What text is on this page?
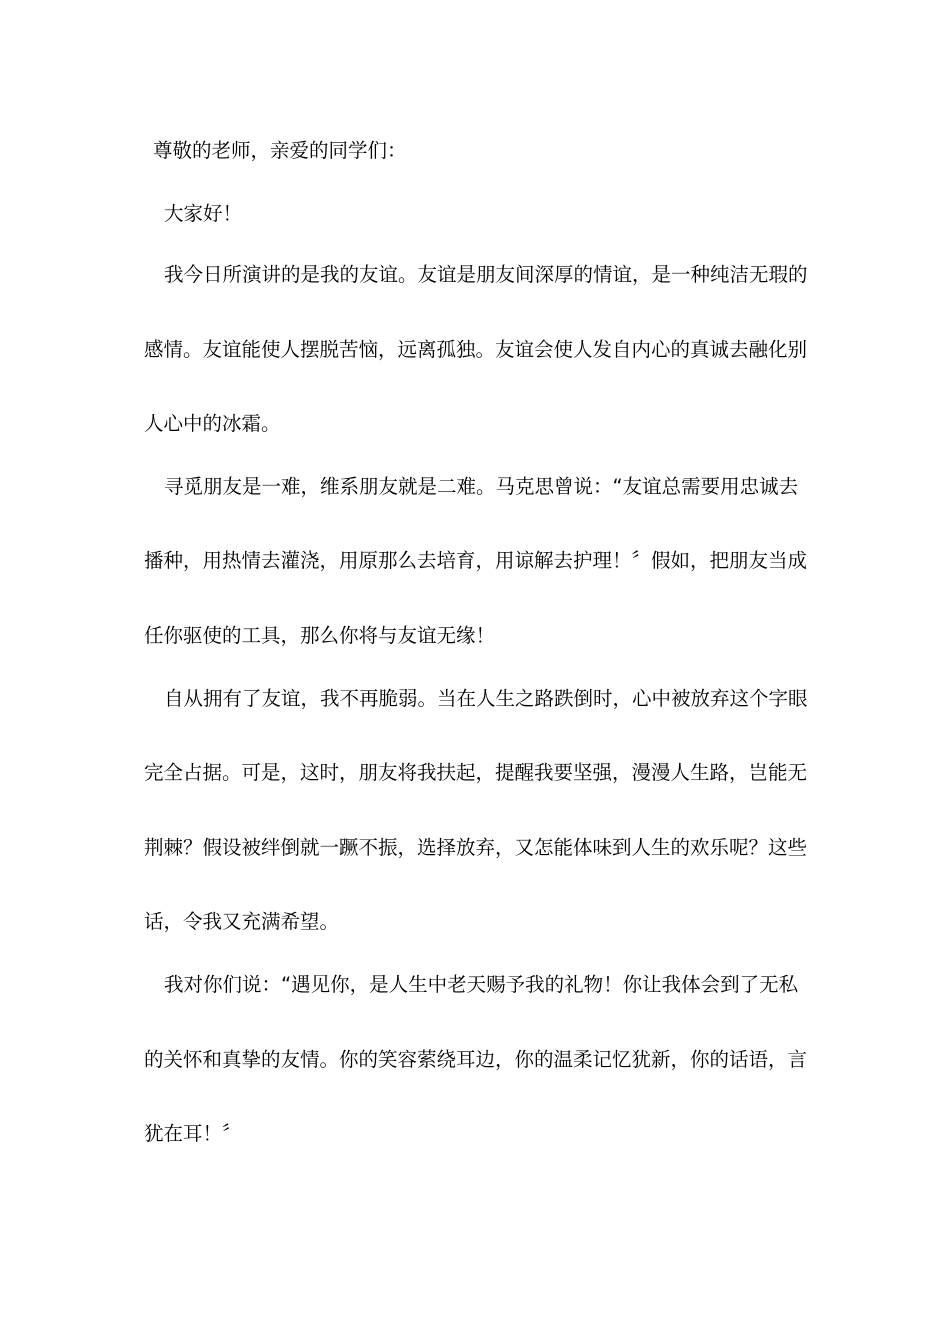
尊敬的老师，亲爱的同学们：
大家好！
我今日所演讲的是我的友谊。友谊是朋友间深厚的情谊，是一种纯洁无瑕的
感情。友谊能使人摆脱苦恼，远离孤独。友谊会使人发自内心的真诚去融化别
人心中的冰霜。
寻觅朋友是一难，维系朋友就是二难。马克思曾说：“友谊总需要用忠诚去
播种，用热情去灌浇，用原那么去培育，用谅解去护理！〞假如，把朋友当成
任你驱使的工具，那么你将与友谊无缘！
自从拥有了友谊，我不再脆弱。当在人生之路跌倒时，心中被放弃这个字眼
完全占据。可是，这时，朋友将我扶起，提醒我要坚强，漫漫人生路，岂能无
荆棘？假设被绊倒就一蹶不振，选择放弃，又怎能体味到人生的欢乐呢？这些
话，令我又充满希望。
我对你们说：“遇见你，是人生中老天赐予我的礼物！你让我体会到了无私
的关怀和真挚的友情。你的笑容萦绕耳边，你的温柔记忆犹新，你的话语，言
犹在耳！〞
